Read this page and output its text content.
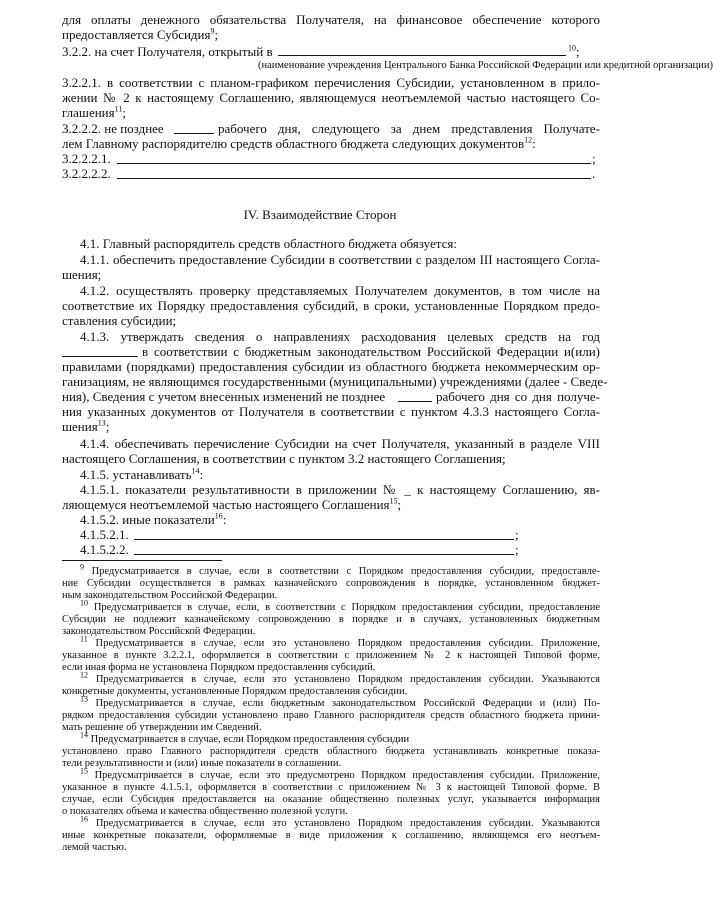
для оплаты денежного обязательства Получателя, на финансовое обеспечение которого
предоставляется Субсидия$^9$;
3.2.2. на счет Получателя, открытый в	$^{10}$;
(наименование учреждения Центрального Банка Российской Федерации или кредитной организации)
3.2.2.1. в соответствии с планом-графиком перечисления Субсидии, установленном в прило-
жении № 2 к настоящему Соглашению, являющемуся неотъемлемой частью настоящего Со-
глашения$^{11}$;
3.2.2.2. не позднее	рабочего дня, следующего за днем представления Получате-
лем Главному распорядителю средств областного бюджета следующих документов$^{12}$:
3.2.2.2.1.	;
3.2.2.2.2.	.
IV. Взаимодействие Сторон
4.1. Главный распорядитель средств областного бюджета обязуется:
4.1.1. обеспечить предоставление Субсидии в соответствии с разделом III настоящего Согла-
шения;
4.1.2. осуществлять проверку представляемых Получателем документов, в том числе на
соответствие их Порядку предоставления субсидий, в сроки, установленные Порядком предо-
ставления субсидии;
4.1.3. утверждать сведения о направлениях расходования целевых средств на год
в соответствии с бюджетным законодательством Российской Федерации и(или)
правилами (порядками) предоставления субсидии из областного бюджета некоммерческим ор-
ганизациям, не являющимся государственными (муниципальными) учреждениями (далее - Сведе-
ния), Сведения с учетом внесенных изменений не позднее	рабочего дня со дня получе-
ния указанных документов от Получателя в соответствии с пунктом 4.3.3 настоящего Согла-
шения$^{13}$;
4.1.4. обеспечивать перечисление Субсидии на счет Получателя, указанный в разделе VIII
настоящего Соглашения, в соответствии с пунктом 3.2 настоящего Соглашения;
4.1.5. устанавливать$^{14}$:
4.1.5.1. показатели результативности в приложении № _ к настоящему Соглашению, яв-
ляющемуся неотъемлемой частью настоящего Соглашения$^{15}$;
4.1.5.2. иные показатели$^{16}$:
4.1.5.2.1.	;
4.1.5.2.2.	;
$^9$ Предусматривается в случае, если в соответствии с Порядком предоставления субсидии, предоставле-
ние Субсидии осуществляется в рамках казначейского сопровождения в порядке, установленном бюджет-
ным законодательством Российской Федерации.
$^{10}$ Предусматривается в случае, если, в соответствии с Порядком предоставления субсидии, предоставление
Субсидии не подлежит казначейскому сопровождению в порядке и в случаях, установленных бюджетным
законодательством Российской Федерации.
$^{11}$ Предусматривается в случае, если это установлено Порядком предоставления субсидии. Приложение,
указанное в пункте 3.2.2.1, оформляется в соответствии с приложением № 2 к настоящей Типовой форме,
если иная форма не установлена Порядком предоставления субсидий.
$^{12}$ Предусматривается в случае, если это установлено Порядком предоставления субсидии. Указываются
конкретные документы, установленные Порядком предоставления субсидии.
$^{13}$ Предусматривается в случае, если бюджетным законодательством Российской Федерации и (или) По-
рядком предоставления субсидии установлено право Главного распорядителя средств областного бюджета прини-
мать решение об утверждении им Сведений.
$^{14}$ Предусматривается в случае, если Порядком предоставления субсидии
установлено право Главного распорядителя средств областного бюджета устанавливать конкретные показа-
тели результативности и (или) иные показатели в соглашении.
$^{15}$ Предусматривается в случае, если это предусмотрено Порядком предоставления субсидии. Приложение,
указанное в пункте 4.1.5.1, оформляется в соответствии с приложением № 3 к настоящей Типовой форме. В
случае, если Субсидия предоставляется на оказание общественно полезных услуг, указывается информация
о показателях объема и качества общественно полезной услуги.
$^{16}$ Предусматривается в случае, если это установлено Порядком предоставления субсидии. Указываются
иные конкретные показатели, оформляемые в виде приложения к соглашению, являющемся его неотъем-
лемой частью.
